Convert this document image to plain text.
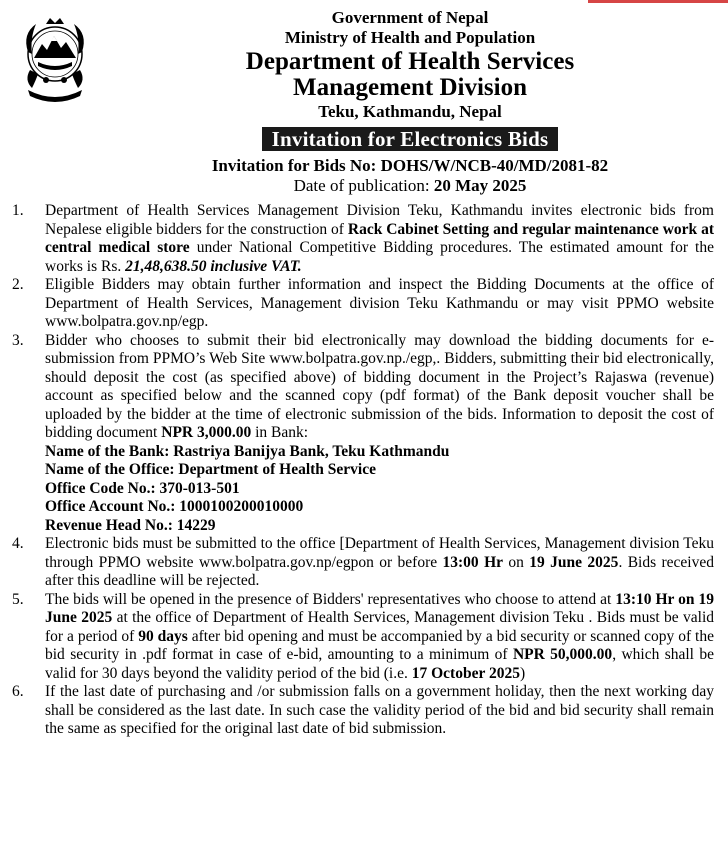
Government of Nepal
Ministry of Health and Population
Department of Health Services
Management Division
Teku, Kathmandu, Nepal
Invitation for Electronics Bids
Invitation for Bids No: DOHS/W/NCB-40/MD/2081-82
Date of publication: 20 May 2025
1.	Department of Health Services Management Division Teku, Kathmandu invites electronic bids from Nepalese eligible bidders for the construction of Rack Cabinet Setting and regular maintenance work at central medical store under National Competitive Bidding procedures. The estimated amount for the works is Rs. 21,48,638.50 inclusive VAT.
2.	Eligible Bidders may obtain further information and inspect the Bidding Documents at the office of Department of Health Services, Management division Teku Kathmandu or may visit PPMO website www.bolpatra.gov.np/egp.
3.	Bidder who chooses to submit their bid electronically may download the bidding documents for e-submission from PPMO’s Web Site www.bolpatra.gov.np./egp,. Bidders, submitting their bid electronically, should deposit the cost (as specified above) of bidding document in the Project’s Rajaswa (revenue) account as specified below and the scanned copy (pdf format) of the Bank deposit voucher shall be uploaded by the bidder at the time of electronic submission of the bids. Information to deposit the cost of bidding document NPR 3,000.00 in Bank:
Name of the Bank: Rastriya Banijya Bank, Teku Kathmandu
Name of the Office: Department of Health Service
Office Code No.: 370-013-501
Office Account No.: 1000100200010000
Revenue Head No.: 14229
4.	Electronic bids must be submitted to the office [Department of Health Services, Management division Teku through PPMO website www.bolpatra.gov.np/egpon or before 13:00 Hr on 19 June 2025. Bids received after this deadline will be rejected.
5.	The bids will be opened in the presence of Bidders' representatives who choose to attend at 13:10 Hr on 19 June 2025 at the office of Department of Health Services, Management division Teku . Bids must be valid for a period of 90 days after bid opening and must be accompanied by a bid security or scanned copy of the bid security in .pdf format in case of e-bid, amounting to a minimum of NPR 50,000.00, which shall be valid for 30 days beyond the validity period of the bid (i.e. 17 October 2025)
6.	If the last date of purchasing and /or submission falls on a government holiday, then the next working day shall be considered as the last date. In such case the validity period of the bid and bid security shall remain the same as specified for the original last date of bid submission.
